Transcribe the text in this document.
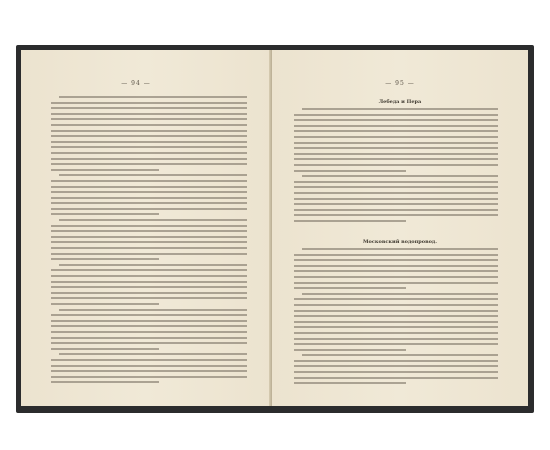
— 94 —	— 95 —
Лебеда и Пера
Московский водопровод.
